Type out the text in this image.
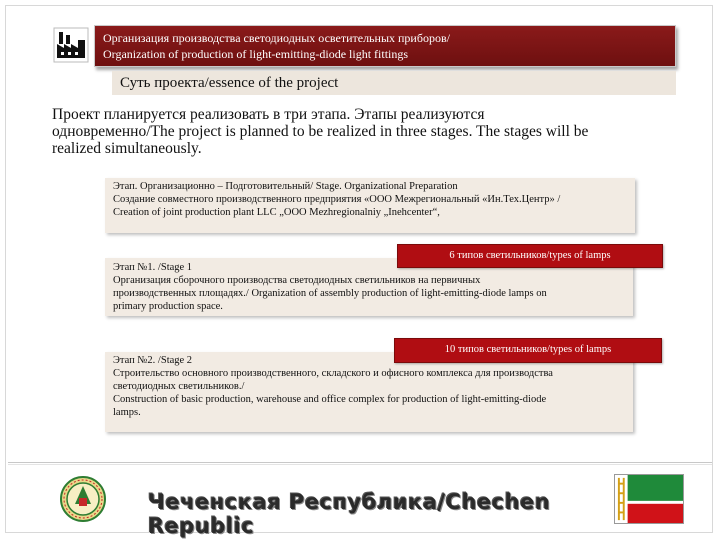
Организация производства светодиодных осветительных приборов/
Organization of production of light-emitting-diode light fittings
Суть проекта/essence of the project
Проект планируется реализовать в три этапа. Этапы реализуются
одновременно/The project is planned to be realized in three stages. The stages will be
realized simultaneously.
Этап. Организационно – Подготовительный/ Stage. Organizational Preparation
Создание совместного производственного предприятия «ООО Межрегиональный «Ин.Тех.Центр» /
Creation of joint production plant LLC „OOO Mezhregionalniy „Inehcenter“,
Этап №1. /Stage 1
Организация сборочного производства светодиодных светильников на первичных
производственных площадях./ Organization of assembly production of light-emitting-diode lamps on
primary production space.
6 типов светильников/types of lamps
Этап №2. /Stage 2
Строительство основного производственного, складского и офисного комплекса для производства
светодиодных светильников./
Construction of basic production, warehouse and office complex for production of light-emitting-diode
lamps.
10 типов светильников/types of lamps
Чеченская Республика/Chechen Republic
